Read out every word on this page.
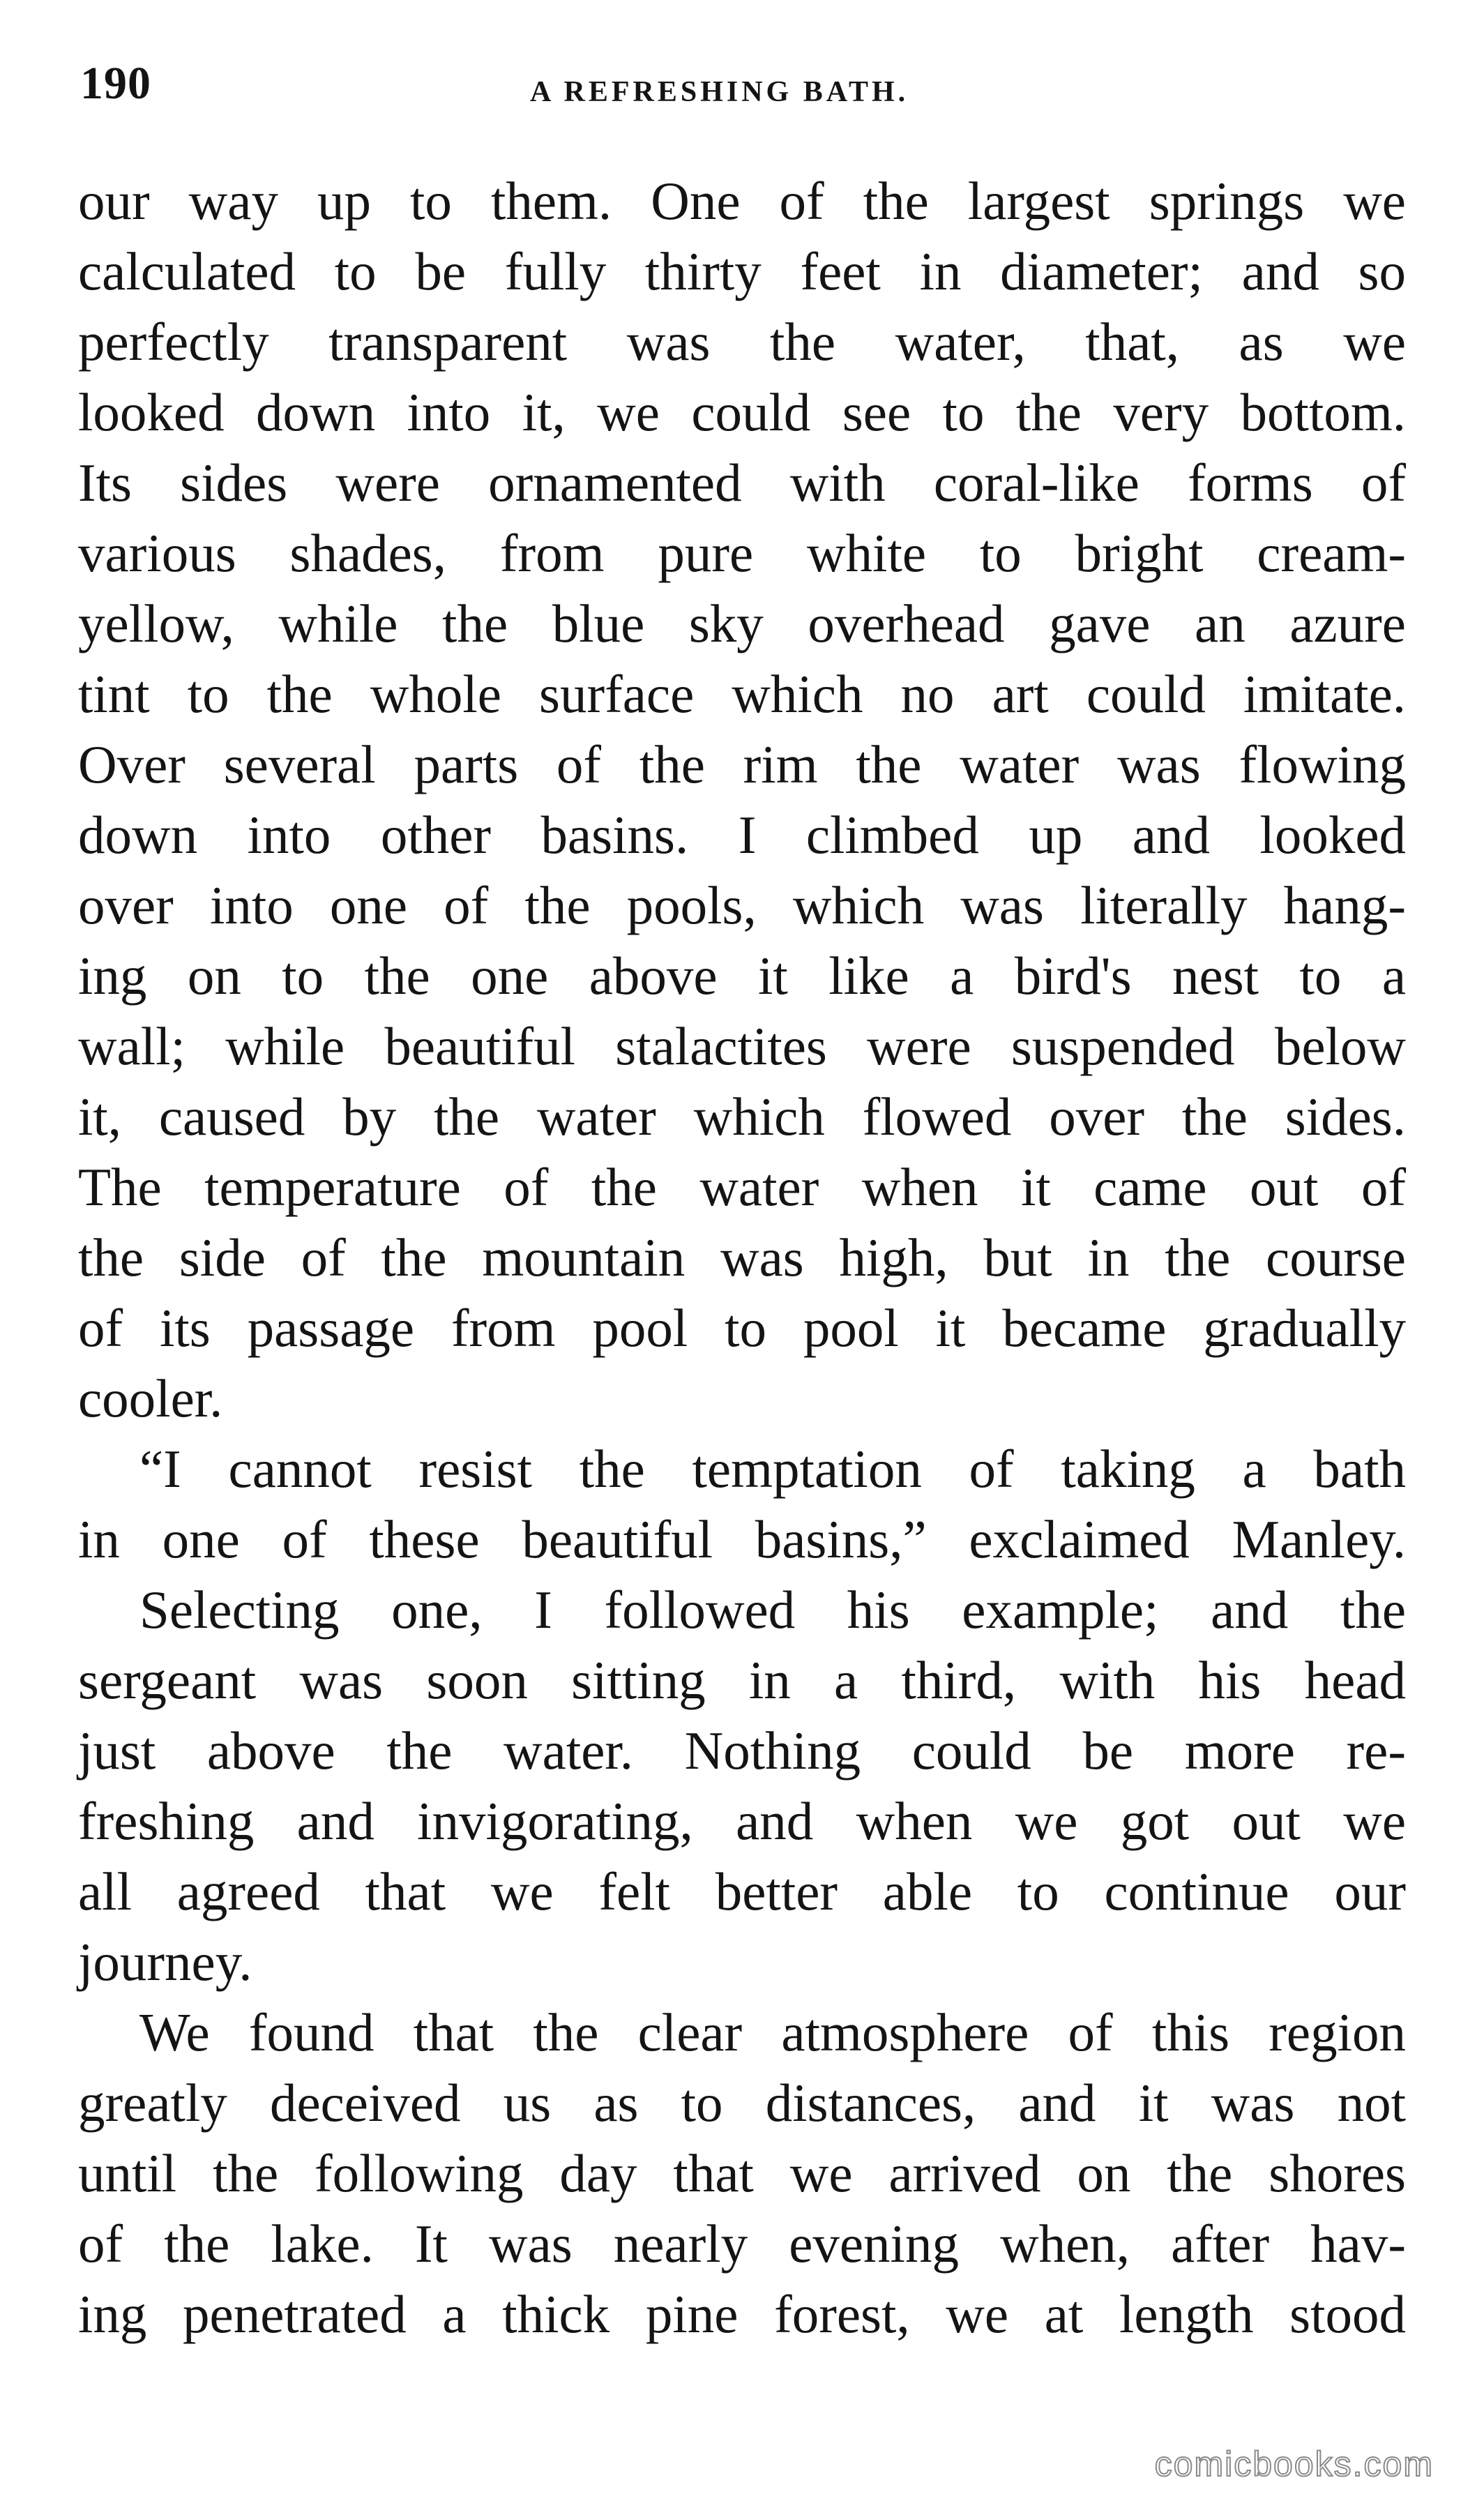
190	A REFRESHING BATH.
our way up to them. One of the largest springs we
calculated to be fully thirty feet in diameter; and so
perfectly transparent was the water, that, as we
looked down into it, we could see to the very bottom.
Its sides were ornamented with coral-like forms of
various shades, from pure white to bright cream-
yellow, while the blue sky overhead gave an azure
tint to the whole surface which no art could imitate.
Over several parts of the rim the water was flowing
down into other basins. I climbed up and looked
over into one of the pools, which was literally hang-
ing on to the one above it like a bird's nest to a
wall; while beautiful stalactites were suspended below
it, caused by the water which flowed over the sides.
The temperature of the water when it came out of
the side of the mountain was high, but in the course
of its passage from pool to pool it became gradually
cooler.
“I cannot resist the temptation of taking a bath
in one of these beautiful basins,” exclaimed Manley.
Selecting one, I followed his example; and the
sergeant was soon sitting in a third, with his head
just above the water. Nothing could be more re-
freshing and invigorating, and when we got out we
all agreed that we felt better able to continue our
journey.
We found that the clear atmosphere of this region
greatly deceived us as to distances, and it was not
until the following day that we arrived on the shores
of the lake. It was nearly evening when, after hav-
ing penetrated a thick pine forest, we at length stood
comicbooks.com
